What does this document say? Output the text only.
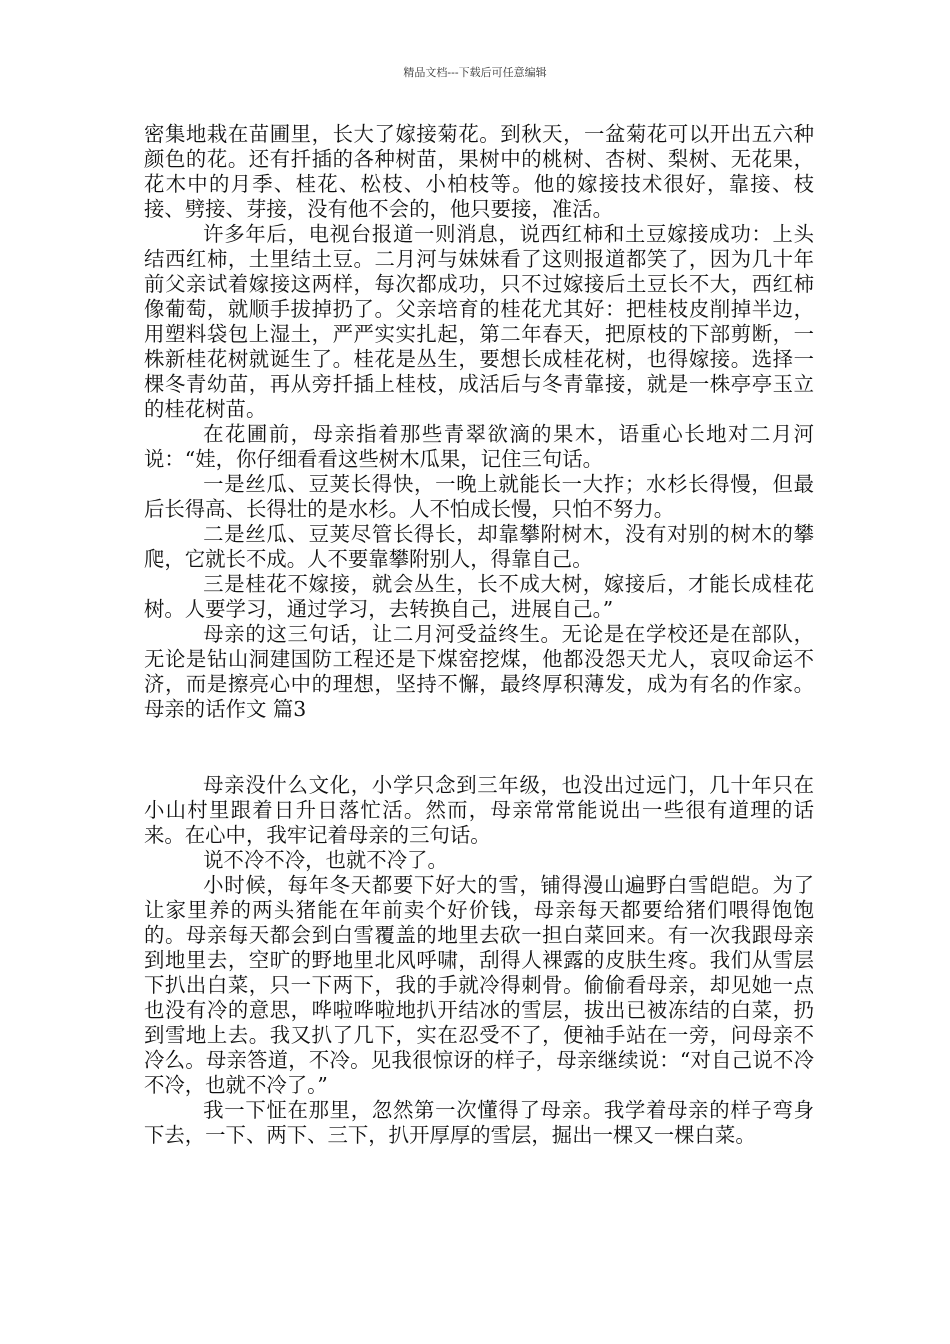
精品文档---下载后可任意编辑

密集地栽在苗圃里，长大了嫁接菊花。到秋天，一盆菊花可以开出五六种颜色的花。还有扦插的各种树苗，果树中的桃树、杏树、梨树、无花果，花木中的月季、桂花、松枝、小柏枝等。他的嫁接技术很好，靠接、枝接、劈接、芽接，没有他不会的，他只要接，准活。

许多年后，电视台报道一则消息，说西红柿和土豆嫁接成功：上头结西红柿，土里结土豆。二月河与妹妹看了这则报道都笑了，因为几十年前父亲试着嫁接这两样，每次都成功，只不过嫁接后土豆长不大，西红柿像葡萄，就顺手拔掉扔了。父亲培育的桂花尤其好：把桂枝皮削掉半边，用塑料袋包上湿土，严严实实扎起，第二年春天，把原枝的下部剪断，一株新桂花树就诞生了。桂花是丛生，要想长成桂花树，也得嫁接。选择一棵冬青幼苗，再从旁扦插上桂枝，成活后与冬青靠接，就是一株亭亭玉立的桂花树苗。

在花圃前，母亲指着那些青翠欲滴的果木，语重心长地对二月河说：“娃，你仔细看看这些树木瓜果，记住三句话。

一是丝瓜、豆荚长得快，一晚上就能长一大拃；水杉长得慢，但最后长得高、长得壮的是水杉。人不怕成长慢，只怕不努力。

二是丝瓜、豆荚尽管长得长，却靠攀附树木，没有对别的树木的攀爬，它就长不成。人不要靠攀附别人，得靠自己。

三是桂花不嫁接，就会丛生，长不成大树，嫁接后，才能长成桂花树。人要学习，通过学习，去转换自己，进展自己。”

母亲的这三句话，让二月河受益终生。无论是在学校还是在部队，无论是钻山洞建国防工程还是下煤窑挖煤，他都没怨天尤人，哀叹命运不济，而是擦亮心中的理想，坚持不懈，最终厚积薄发，成为有名的作家。母亲的话作文 篇3

母亲没什么文化，小学只念到三年级，也没出过远门，几十年只在小山村里跟着日升日落忙活。然而，母亲常常能说出一些很有道理的话来。在心中，我牢记着母亲的三句话。

说不冷不冷，也就不冷了。

小时候，每年冬天都要下好大的雪，铺得漫山遍野白雪皑皑。为了让家里养的两头猪能在年前卖个好价钱，母亲每天都要给猪们喂得饱饱的。母亲每天都会到白雪覆盖的地里去砍一担白菜回来。有一次我跟母亲到地里去，空旷的野地里北风呼啸，刮得人裸露的皮肤生疼。我们从雪层下扒出白菜，只一下两下，我的手就冷得刺骨。偷偷看母亲，却见她一点也没有冷的意思，哗啦哗啦地扒开结冰的雪层，拔出已被冻结的白菜，扔到雪地上去。我又扒了几下，实在忍受不了，便袖手站在一旁，问母亲不冷么。母亲答道，不冷。见我很惊讶的样子，母亲继续说：“对自己说不冷不冷，也就不冷了。”

我一下怔在那里，忽然第一次懂得了母亲。我学着母亲的样子弯身下去，一下、两下、三下，扒开厚厚的雪层，掘出一棵又一棵白菜。
